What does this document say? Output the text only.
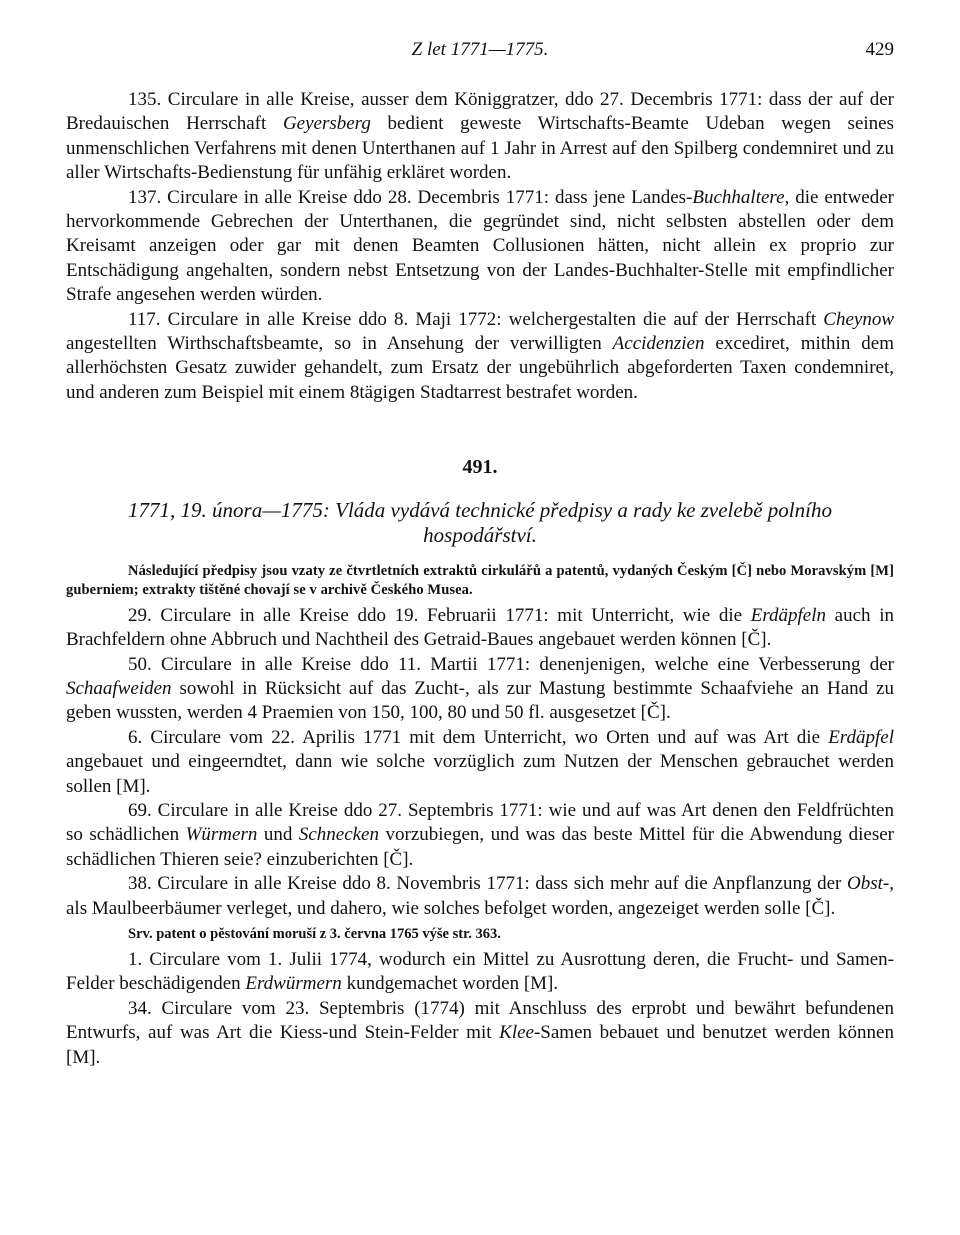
Z let 1771—1775.	429

135. Circulare in alle Kreise, ausser dem Königgratzer, ddo 27. Decembris 1771: dass der auf der Bredauischen Herrschaft Geyersberg bedient geweste Wirtschafts-Beamte Udeban wegen seines unmenschlichen Verfahrens mit denen Unterthanen auf 1 Jahr in Arrest auf den Spilberg condemniret und zu aller Wirtschafts-Bedienstung für unfähig erkläret worden.

137. Circulare in alle Kreise ddo 28. Decembris 1771: dass jene Landes-Buchhaltere, die entweder hervorkommende Gebrechen der Unterthanen, die gegründet sind, nicht selbsten abstellen oder dem Kreisamt anzeigen oder gar mit denen Beamten Collusionen hätten, nicht allein ex proprio zur Entschädigung angehalten, sondern nebst Entsetzung von der Landes-Buchhalter-Stelle mit empfindlicher Strafe angesehen werden würden.

117. Circulare in alle Kreise ddo 8. Maji 1772: welchergestalten die auf der Herrschaft Cheynow angestellten Wirthschaftsbeamte, so in Ansehung der verwilligten Accidenzien excediret, mithin dem allerhöchsten Gesatz zuwider gehandelt, zum Ersatz der ungebührlich abgeforderten Taxen condemniret, und anderen zum Beispiel mit einem 8tägigen Stadtarrest bestrafet worden.

491.

1771, 19. února—1775: Vláda vydává technické předpisy a rady ke zvelebě polního hospodářství.

Následující předpisy jsou vzaty ze čtvrtletních extraktů cirkulářů a patentů, vydaných Českým [Č] nebo Moravským [M] guberniem; extrakty tištěné chovají se v archivě Českého Musea.

29. Circulare in alle Kreise ddo 19. Februarii 1771: mit Unterricht, wie die Erdäpfeln auch in Brachfeldern ohne Abbruch und Nachtheil des Getraid-Baues angebauet werden können [Č].

50. Circulare in alle Kreise ddo 11. Martii 1771: denenjenigen, welche eine Verbesserung der Schaafweiden sowohl in Rücksicht auf das Zucht-, als zur Mastung bestimmte Schaafviehe an Hand zu geben wussten, werden 4 Praemien von 150, 100, 80 und 50 fl. ausgesetzet [Č].

6. Circulare vom 22. Aprilis 1771 mit dem Unterricht, wo Orten und auf was Art die Erdäpfel angebauet und eingeerndtet, dann wie solche vorzüglich zum Nutzen der Menschen gebrauchet werden sollen [M].

69. Circulare in alle Kreise ddo 27. Septembris 1771: wie und auf was Art denen den Feldfrüchten so schädlichen Würmern und Schnecken vorzubiegen, und was das beste Mittel für die Abwendung dieser schädlichen Thieren seie? einzuberichten [Č].

38. Circulare in alle Kreise ddo 8. Novembris 1771: dass sich mehr auf die Anpflanzung der Obst-, als Maulbeerbäumer verleget, und dahero, wie solches befolget worden, angezeiget werden solle [Č].

Srv. patent o pěstování moruší z 3. června 1765 výše str. 363.

1. Circulare vom 1. Julii 1774, wodurch ein Mittel zu Ausrottung deren, die Frucht- und Samen-Felder beschädigenden Erdwürmern kundgemachet worden [M].

34. Circulare vom 23. Septembris (1774) mit Anschluss des erprobt und bewährt befundenen Entwurfs, auf was Art die Kiess-und Stein-Felder mit Klee-Samen bebauet und benutzet werden können [M].
